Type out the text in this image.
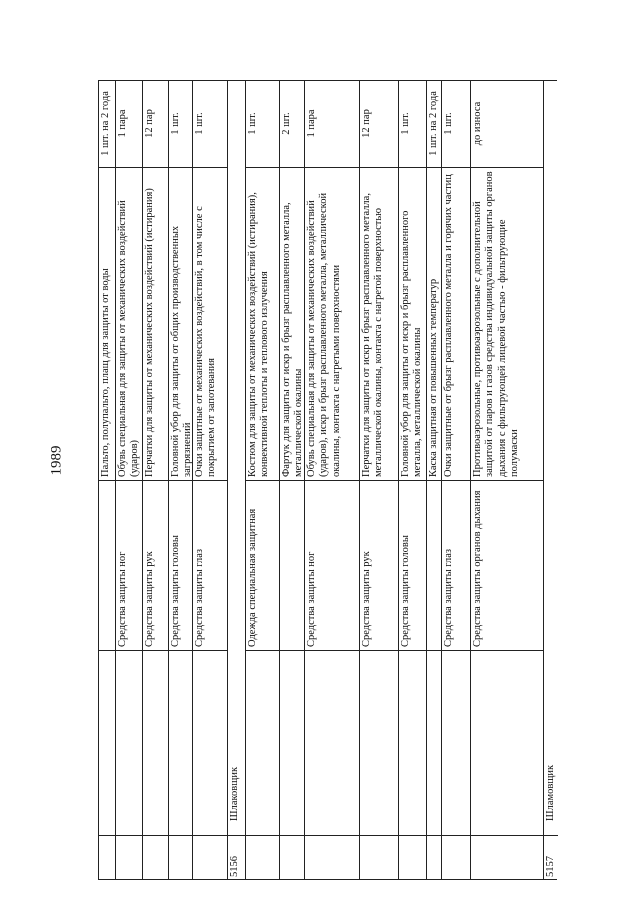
1989	Пальто, полупальто, плащ для защиты от воды
1 шт. на 2 года
Средства защиты ног
Обувь специальная для защиты от механических воздействий (ударов)
1 пара
Средства защиты рук
Перчатки для защиты от механических воздействий (истирания)
12 пар
Средства защиты головы
Головной убор для защиты от общих производственных загрязнений
1 шт.
Средства защиты глаз
Очки защитные от механических воздействий, в том числе с покрытием от запотевания
1 шт.
5156
Шлаковщик
Одежда специальная защитная
Костюм для защиты от механических воздействий (истирания), конвективной теплоты и теплового излучения
1 шт.
Фартук для защиты от искр и брызг расплавленного металла, металлической окалины
2 шт.
Средства защиты ног
Обувь специальная для защиты от механических воздействий (ударов), искр и брызг расплавленного металла, металлической окалины, контакта с нагретыми поверхностями
1 пара
Средства защиты рук
Перчатки для защиты от искр и брызг расплавленного металла, металлической окалины, контакта с нагретой поверхностью
12 пар
Средства защиты головы
Головной убор для защиты от искр и брызг расплавленного металла, металлической окалины
1 шт.
Каска защитная от повышенных температур
1 шт. на 2 года
Средства защиты глаз
Очки защитные от брызг расплавленного металла и горячих частиц
1 шт.
Средства защиты органов дыхания
Противоаэрозольные, противоаэрозольные с дополнительной защитой от паров и газов средства индивидуальной защиты органов дыхания с фильтрующей лицевой частью - фильтрующие полумаски
до износа
5157
Шламовщик
